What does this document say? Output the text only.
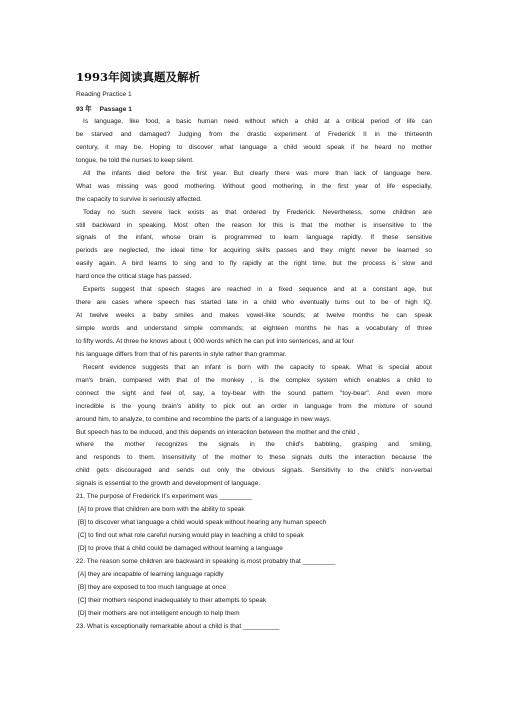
1993年阅读真题及解析
Reading Practice 1
93 年 Passage 1
Is language, like food, a basic human need without which a child at a critical period of life can
be starved and damaged? Judging from the drastic experiment of Frederick II in the thirteenth
century, it may be. Hoping to discover what language a child would speak if he heard no mother
tongue, he told the nurses to keep silent.
All the infants died before the first year. But clearly there was more than lack of language here.
What was missing was good mothering. Without good mothering, in the first year of life especially,
the capacity to survive is seriously affected.
Today no such severe lack exists as that ordered by Frederick. Nevertheless, some children are
still backward in speaking. Most often the reason for this is that the mother is insensitive to the
signals of the infant, whose brain is programmed to learn language rapidly. If these sensitive
periods are neglected, the ideal time for acquiring skills passes and they might never be learned so
easily again. A bird learns to sing and to fly rapidly at the right time, but the process is slow and
hard once the critical stage has passed.
Experts suggest that speech stages are reached in a fixed sequence and at a constant age, but
there are cases where speech has started late in a child who eventually turns out to be of high IQ.
At twelve weeks a baby smiles and makes vowel-like sounds; at twelve months he can speak
simple words and understand simple commands; at eighteen months he has a vocabulary of three
to fifty words. At three he knows about l, 000 words which he can put into sentences, and at four
his language differs from that of his parents in style rather than grammar.
Recent evidence suggests that an infant is born with the capacity to speak. What is special about
man's brain, compared with that of the monkey , is the complex system which enables a child to
connect the sight and feel of, say, a toy-bear with the sound pattern "toy-bear". And even more
incredible is the young brain's ability to pick out an order in language from the mixture of sound
around him, to analyze, to combine and recombine the parts of a language in new ways.
But speech has to be induced, and this depends on interaction between the mother and the child ,
where the mother recognizes the signals in the child's babbling, grasping and smiling,
and responds to them. Insensitivity of the mother to these signals dulls the interaction because the
child gets discouraged and sends out only the obvious signals. Sensitivity to the child's non-verbal
signals is essential to the growth and development of language.
21. The purpose of Frederick II's experiment was _________
[A] to prove that children are born with the ability to speak
[B] to discover what language a child would speak without hearing any human speech
[C] to find out what role careful nursing would play in teaching a child to speak
[D] to prove that a child could be damaged without learning a language
22. The reason some children are backward in speaking is most probably that _________
[A] they are incapable of learning language rapidly
[B] they are exposed to too much language at once
[C] their mothers respond inadequately to their attempts to speak
[D] their mothers are not intelligent enough to help them
23. What is exceptionally remarkable about a child is that __________
